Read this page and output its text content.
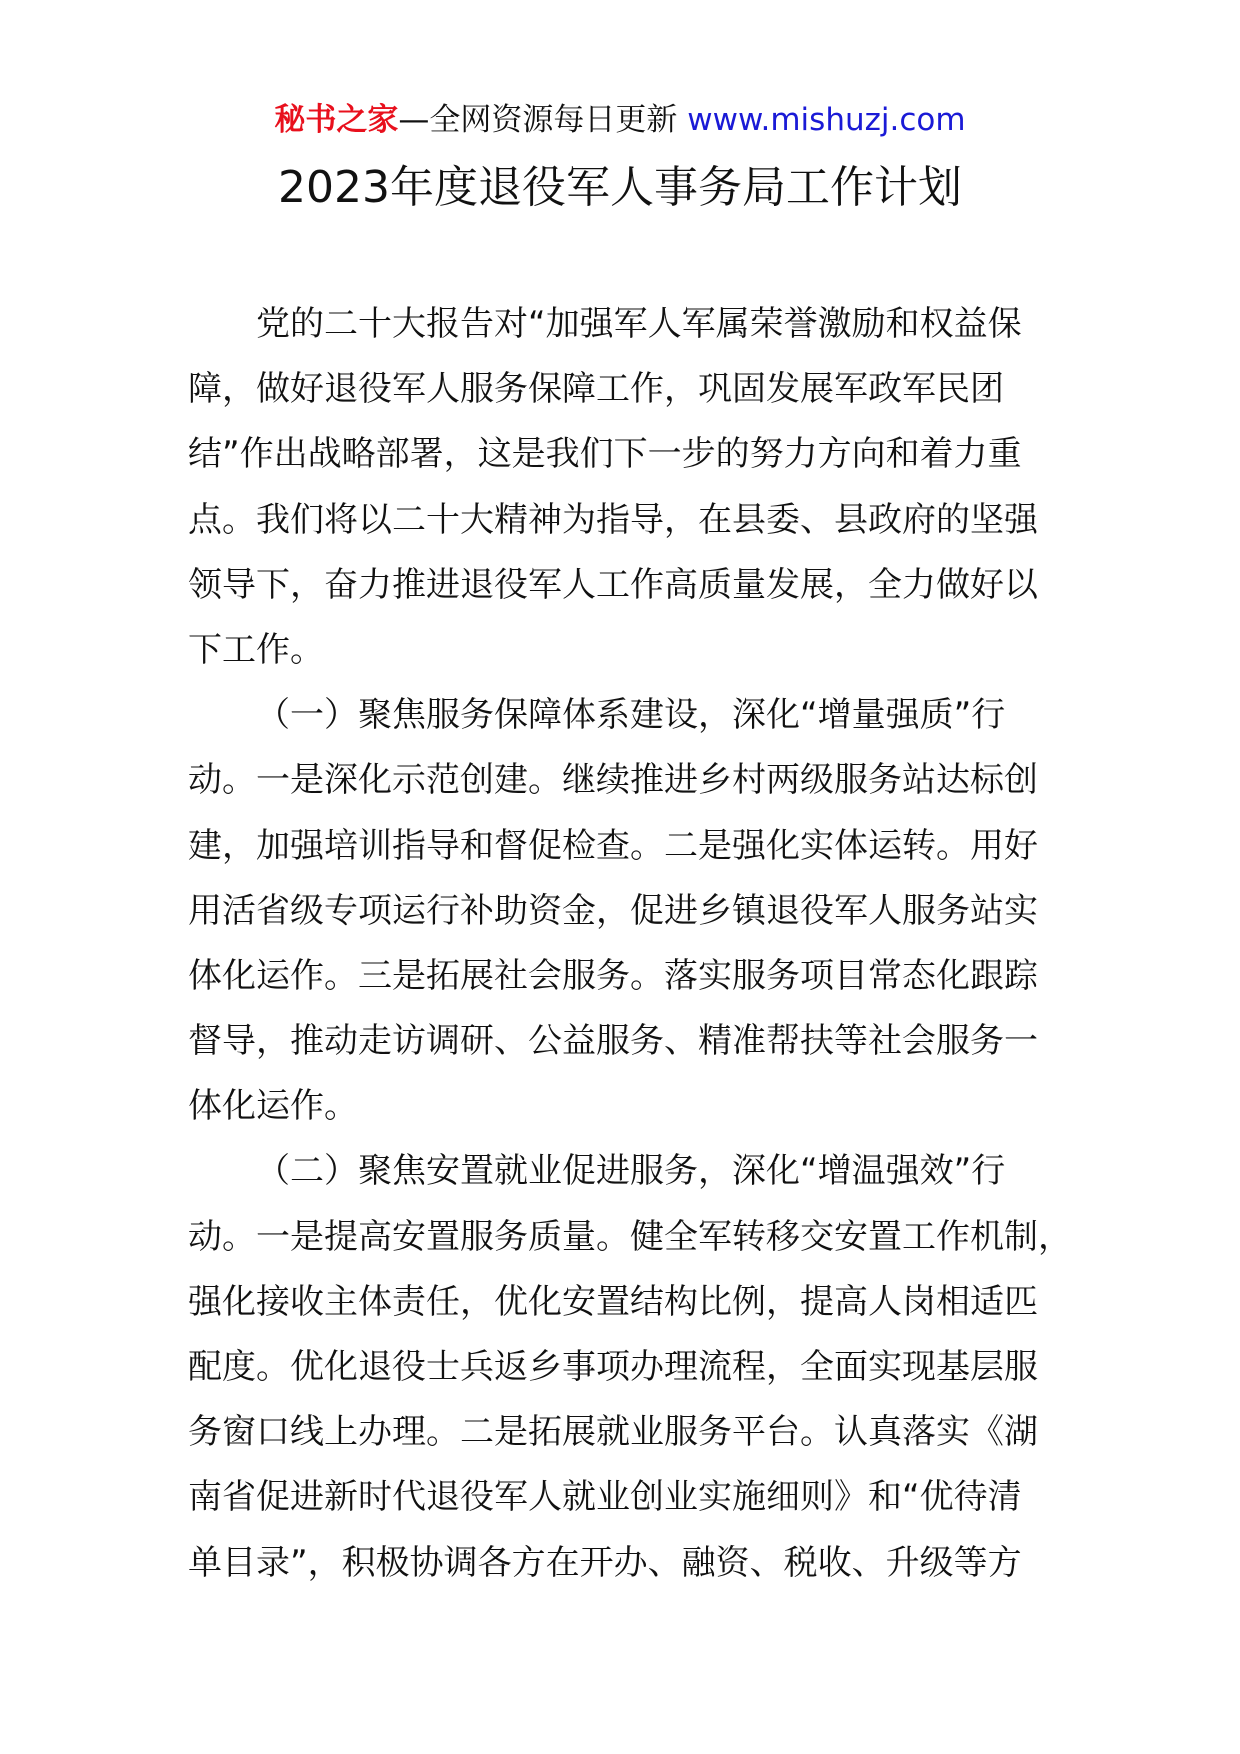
秘书之家—全网资源每日更新 www.mishuzj.com
2023年度退役军人事务局工作计划
党的二十大报告对“加强军人军属荣誉激励和权益保
障，做好退役军人服务保障工作，巩固发展军政军民团
结”作出战略部署，这是我们下一步的努力方向和着力重
点。我们将以二十大精神为指导，在县委、县政府的坚强
领导下，奋力推进退役军人工作高质量发展，全力做好以
下工作。
（一）聚焦服务保障体系建设，深化“增量强质”行
动。一是深化示范创建。继续推进乡村两级服务站达标创
建，加强培训指导和督促检查。二是强化实体运转。用好
用活省级专项运行补助资金，促进乡镇退役军人服务站实
体化运作。三是拓展社会服务。落实服务项目常态化跟踪
督导，推动走访调研、公益服务、精准帮扶等社会服务一
体化运作。
（二）聚焦安置就业促进服务，深化“增温强效”行
动。一是提高安置服务质量。健全军转移交安置工作机制，
强化接收主体责任，优化安置结构比例，提高人岗相适匹
配度。优化退役士兵返乡事项办理流程，全面实现基层服
务窗口线上办理。二是拓展就业服务平台。认真落实《湖
南省促进新时代退役军人就业创业实施细则》和“优待清
单目录”，积极协调各方在开办、融资、税收、升级等方
